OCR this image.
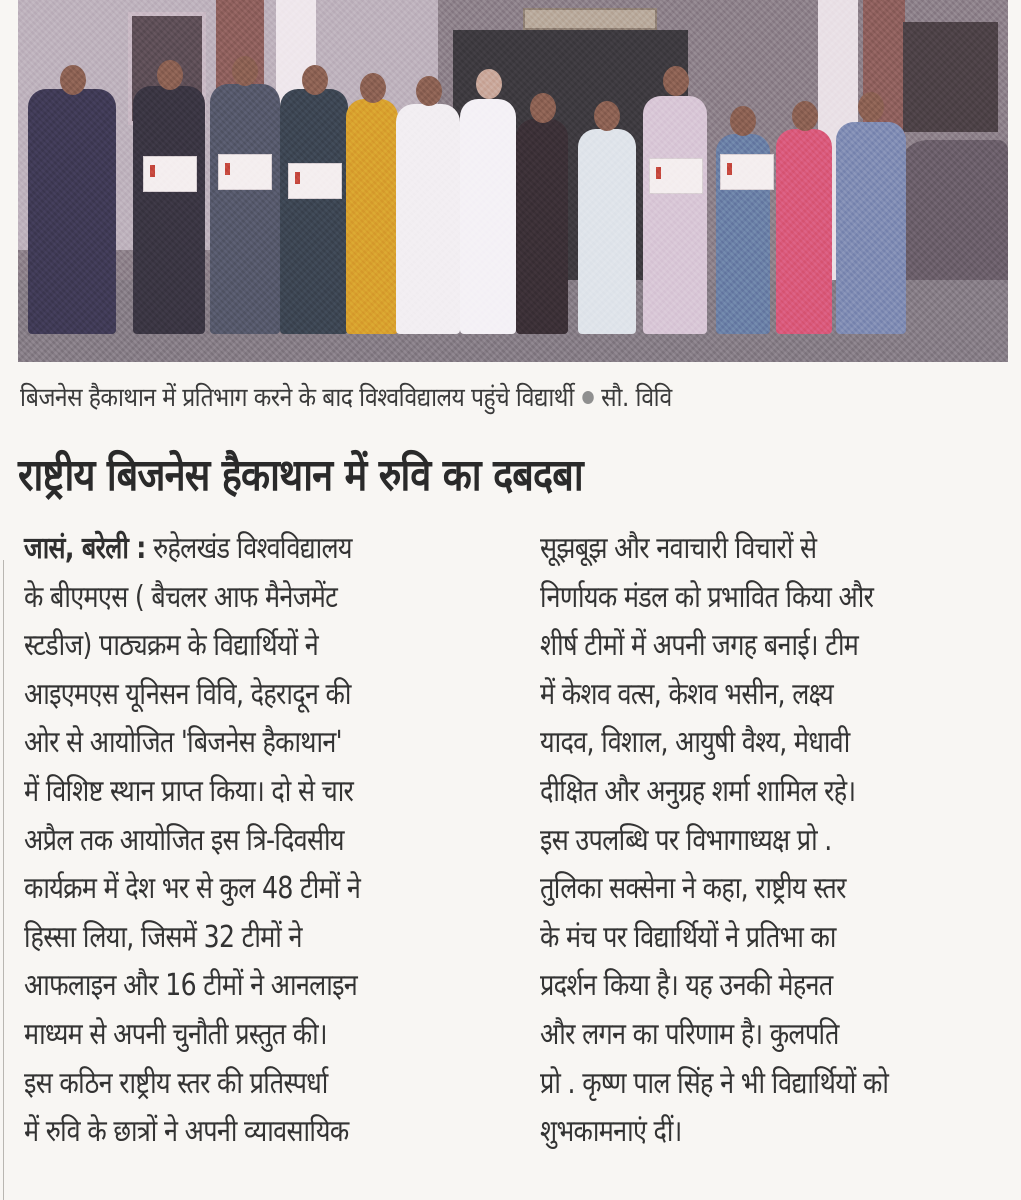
बिजनेस हैकाथान में प्रतिभाग करने के बाद विश्वविद्यालय पहुंचे विद्यार्थी सौ. विवि
राष्ट्रीय बिजनेस हैकाथान में रुवि का दबदबा
जासं, बरेली : रुहेलखंड विश्वविद्यालय
के बीएमएस ( बैचलर आफ मैनेजमेंट
स्टडीज) पाठ्यक्रम के विद्यार्थियों ने
आइएमएस यूनिसन विवि, देहरादून की
ओर से आयोजित 'बिजनेस हैकाथान'
में विशिष्ट स्थान प्राप्त किया। दो से चार
अप्रैल तक आयोजित इस त्रि-दिवसीय
कार्यक्रम में देश भर से कुल 48 टीमों ने
हिस्सा लिया, जिसमें 32 टीमों ने
आफलाइन और 16 टीमों ने आनलाइन
माध्यम से अपनी चुनौती प्रस्तुत की।
इस कठिन राष्ट्रीय स्तर की प्रतिस्पर्धा
में रुवि के छात्रों ने अपनी व्यावसायिक
सूझबूझ और नवाचारी विचारों से
निर्णायक मंडल को प्रभावित किया और
शीर्ष टीमों में अपनी जगह बनाई। टीम
में केशव वत्स, केशव भसीन, लक्ष्य
यादव, विशाल, आयुषी वैश्य, मेधावी
दीक्षित और अनुग्रह शर्मा शामिल रहे।
इस उपलब्धि पर विभागाध्यक्ष प्रो .
तुलिका सक्सेना ने कहा, राष्ट्रीय स्तर
के मंच पर विद्यार्थियों ने प्रतिभा का
प्रदर्शन किया है। यह उनकी मेहनत
और लगन का परिणाम है। कुलपति
प्रो . कृष्ण पाल सिंह ने भी विद्यार्थियों को
शुभकामनाएं दीं।
